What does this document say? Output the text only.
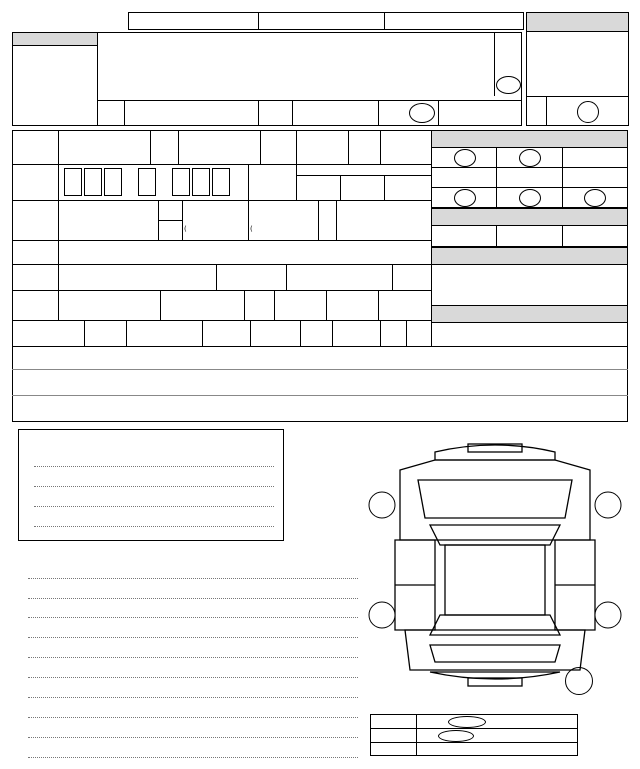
(	(
